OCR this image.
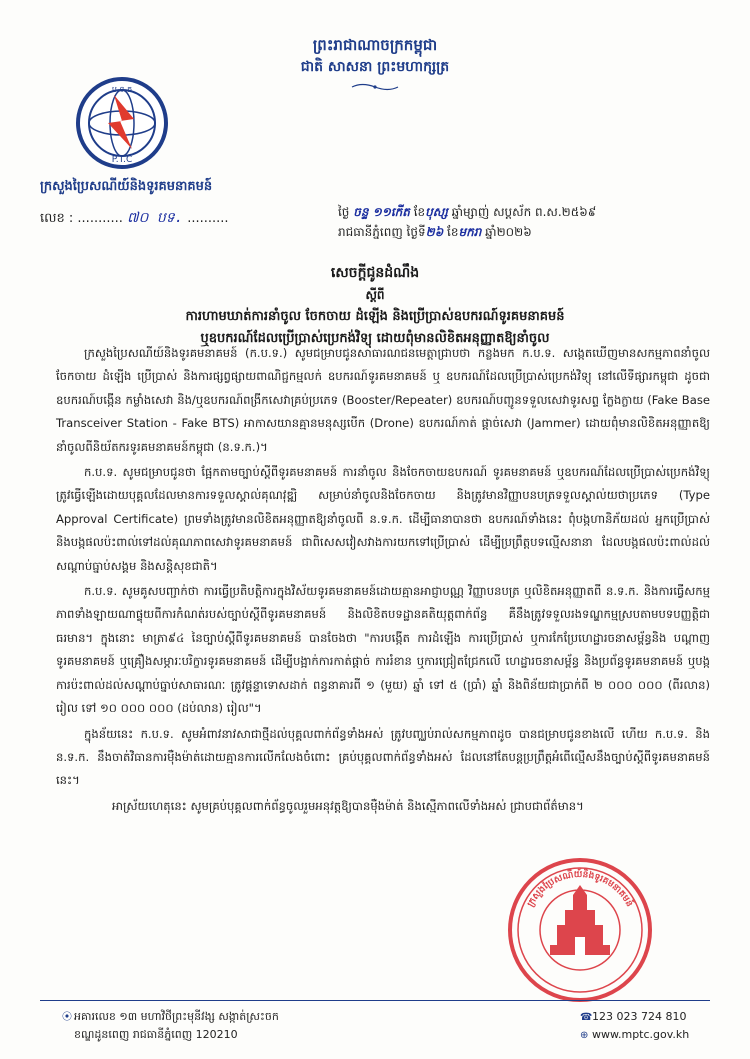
ព្រះរាជាណាចក្រកម្ពុជា
ជាតិ សាសនា ព្រះមហាក្សត្រ
ប.ទ.ក
P.T.C
ក្រសួងប្រៃសណីយ៍និងទូរគមនាគមន៍
លេខ : ........... ៧០ បទ. ..........	ថ្ងៃ ចន្ទ ១១កើត ខែបុស្ស ឆ្នាំម្សាញ់ សប្តស័ក ព.ស.២៥៦៩
រាជធានីភ្នំពេញ ថ្ងៃទី២៦ ខែមករា ឆ្នាំ២០២៦
សេចក្តីជូនដំណឹង
ស្តីពី
ការហាមឃាត់ការនាំចូល ចែកចាយ ដំឡើង និងប្រើប្រាស់ឧបករណ៍ទូរគមនាគមន៍
ឬឧបករណ៍ដែលប្រើប្រាស់ប្រេកង់វិទ្យុ ដោយពុំមានលិខិតអនុញ្ញាតឱ្យនាំចូល

ក្រសួងប្រៃសណីយ៍និងទូរគមនាគមន៍ (ក.ប.ទ.) សូមជម្រាបជូនសាធារណជនមេត្តាជ្រាបថា កន្លងមក ក.ប.ទ. សង្កេតឃើញមានសកម្មភាពនាំចូល ចែកចាយ ដំឡើង ប្រើប្រាស់ និងការផ្សព្វផ្សាយពាណិជ្ជកម្មលក់ ឧបករណ៍ទូរគមនាគមន៍ ឬ ឧបករណ៍ដែលប្រើប្រាស់ប្រេកង់វិទ្យុ នៅលើទីផ្សារកម្ពុជា ដូចជា ឧបករណ៍បង្កើន កម្លាំងសេវា និង/ឬឧបករណ៍ពង្រីកសេវាគ្រប់ប្រភេទ (Booster/Repeater) ឧបករណ៍បញ្ជូនទទួលសេវាទូរសព្ទ ក្លែងក្លាយ (Fake Base Transceiver Station - Fake BTS) អាកាសយានគ្មានមនុស្សបើក (Drone) ឧបករណ៍កាត់ ផ្តាច់សេវា (Jammer) ដោយពុំមានលិខិតអនុញ្ញាតឱ្យនាំចូលពីនិយ័តករទូរគមនាគមន៍កម្ពុជា (ន.ទ.ក.)។

ក.ប.ទ. សូមជម្រាបជូនថា ផ្អែកតាមច្បាប់ស្តីពីទូរគមនាគមន៍ ការនាំចូល និងចែកចាយឧបករណ៍ ទូរគមនាគមន៍ ឬឧបករណ៍ដែលប្រើប្រាស់ប្រេកង់វិទ្យុ ត្រូវធ្វើឡើងដោយបុគ្គលដែលមានការទទួលស្គាល់គុណវុឌ្ឍិ សម្រាប់នាំចូលនិងចែកចាយ និងត្រូវមានវិញ្ញាបនបត្រទទួលស្គាល់យថាប្រភេទ (Type Approval Certificate) ព្រមទាំងត្រូវមានលិខិតអនុញ្ញាតឱ្យនាំចូលពី ន.ទ.ក. ដើម្បីធានាបានថា ឧបករណ៍ទាំងនេះ ពុំបង្កហានិភ័យដល់ អ្នកប្រើប្រាស់ និងបង្កផលប៉ះពាល់ទៅដល់គុណភាពសេវាទូរគមនាគមន៍ ជាពិសេសវៀសវាងការយកទៅប្រើប្រាស់ ដើម្បីប្រព្រឹត្តបទល្មើសនានា ដែលបង្កផលប៉ះពាល់ដល់សណ្តាប់ធ្នាប់សង្គម និងសន្តិសុខជាតិ។

ក.ប.ទ. សូមគូសបញ្ជាក់ថា ការធ្វើប្រតិបត្តិការក្នុងវិស័យទូរគមនាគមន៍ដោយគ្មានអាជ្ញាបណ្ណ វិញ្ញាបនបត្រ ឬលិខិតអនុញ្ញាតពី ន.ទ.ក. និងការធ្វើសកម្មភាពទាំងឡាយណាផ្ទុយពីការកំណត់របស់ច្បាប់ស្តីពីទូរគមនាគមន៍ និងលិខិតបទដ្ឋានគតិយុត្តពាក់ព័ន្ធ គឺនឹងត្រូវទទួលរងទណ្ឌកម្មស្របតាមបទបញ្ញត្តិជាធរមាន។ ក្នុងនោះ មាត្រា៩៤ នៃច្បាប់ស្តីពីទូរគមនាគមន៍ បានចែងថា "ការបង្កើត ការដំឡើង ការប្រើប្រាស់ ឬការកែប្រែហេដ្ឋារចនាសម្ព័ន្ធនិង បណ្តាញទូរគមនាគមន៍ ឬគ្រឿងសម្ភារៈបរិក្ខារទូរគមនាគមន៍ ដើម្បីបង្អាក់ការកាត់ផ្តាច់ ការរំខាន ឬការជ្រៀតជ្រែកលើ ហេដ្ឋារចនាសម្ព័ន្ធ និងប្រព័ន្ធទូរគមនាគមន៍ ឬបង្កការប៉ះពាល់ដល់សណ្តាប់ធ្នាប់សាធារណៈ ត្រូវផ្តន្ទាទោសដាក់ ពន្ធនាគារពី ១ (មួយ) ឆ្នាំ ទៅ ៥ (ប្រាំ) ឆ្នាំ និងពិន័យជាប្រាក់ពី ២ ០០០ ០០០ (ពីរលាន) រៀល ទៅ ១០ ០០០ ០០០ (ដប់លាន) រៀល"។

ក្នុងន័យនេះ ក.ប.ទ. សូមអំពាវនាវសាជាថ្មីដល់បុគ្គលពាក់ព័ន្ធទាំងអស់ ត្រូវបញ្ឈប់រាល់សកម្មភាពដូច បានជម្រាបជូនខាងលើ ហើយ ក.ប.ទ. និង ន.ទ.ក. នឹងចាត់វិធានការម៉ឺងម៉ាត់ដោយគ្មានការលើកលែងចំពោះ គ្រប់បុគ្គលពាក់ព័ន្ធទាំងអស់ ដែលនៅតែបន្តប្រព្រឹត្តអំពើល្មើសនឹងច្បាប់ស្តីពីទូរគមនាគមន៍នេះ។

អាស្រ័យហេតុនេះ សូមគ្រប់បុគ្គលពាក់ព័ន្ធចូលរួមអនុវត្តឱ្យបានម៉ឺងម៉ាត់ និងស្មើភាពលើទាំងអស់ ជ្រាបជាព័ត៌មាន។

ក្រសួងប្រៃសណីយ៍និងទូរគមនាគមន៍
⦿ អគារលេខ ១៣ មហាវិថីព្រះមុនីវង្ស សង្កាត់ស្រះចក
ខណ្ឌដូនពេញ រាជធានីភ្នំពេញ 120210
☎123 023 724 810
⊕ www.mptc.gov.kh
